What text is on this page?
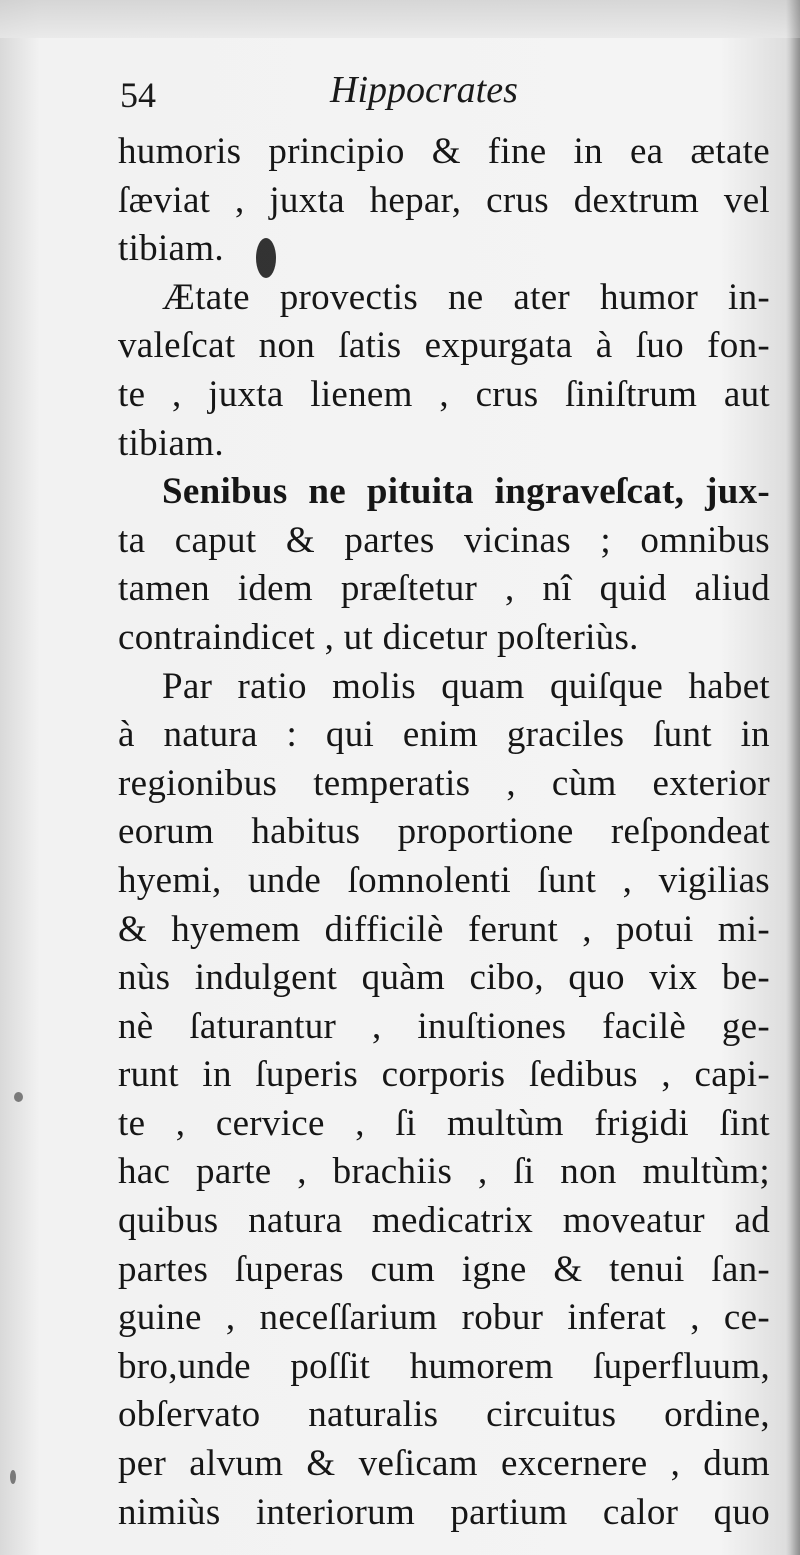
54	Hippocrates
humoris principio & fine in ea ætate
ſæviat , juxta hepar, crus dextrum vel
tibiam.
Ætate provectis ne ater humor in-
valeſcat non ſatis expurgata à ſuo fon-
te , juxta lienem , crus ſiniſtrum aut
tibiam.
Senibus ne pituita ingraveſcat, jux-
ta caput & partes vicinas ; omnibus
tamen idem præſtetur , nî quid aliud
contraindicet , ut dicetur poſteriùs.
Par ratio molis quam quiſque habet
à natura : qui enim graciles ſunt in
regionibus temperatis , cùm exterior
eorum habitus proportione reſpondeat
hyemi, unde ſomnolenti ſunt , vigilias
& hyemem difficilè ferunt , potui mi-
nùs indulgent quàm cibo, quo vix be-
nè ſaturantur , inuſtiones facilè ge-
runt in ſuperis corporis ſedibus , capi-
te , cervice , ſi multùm frigidi ſint
hac parte , brachiis , ſi non multùm;
quibus natura medicatrix moveatur ad
partes ſuperas cum igne & tenui ſan-
guine , neceſſarium robur inferat , ce-
bro,unde poſſit humorem ſuperfluum,
obſervato naturalis circuitus ordine,
per alvum & veſicam excernere , dum
nimiùs interiorum partium calor quo
